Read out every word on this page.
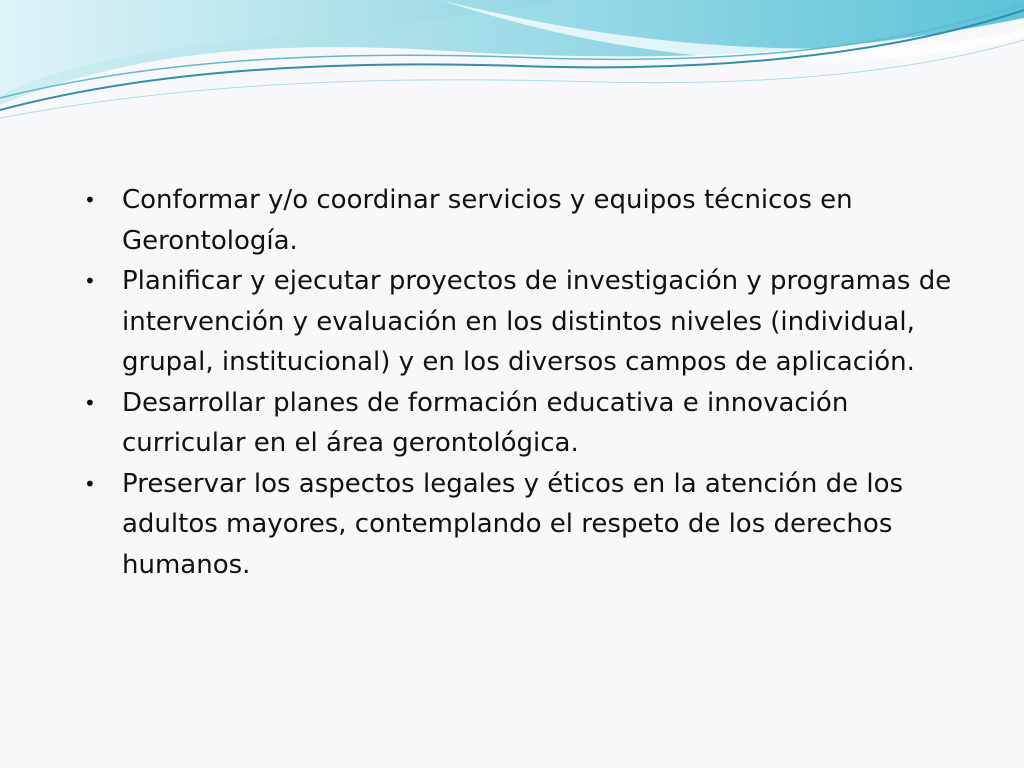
• Conformar y/o coordinar servicios y equipos técnicos en Gerontología.
• Planificar y ejecutar proyectos de investigación y programas de intervención y evaluación en los distintos niveles (individual, grupal, institucional) y en los diversos campos de aplicación.
• Desarrollar planes de formación educativa e innovación curricular en el área gerontológica.
• Preservar los aspectos legales y éticos en la atención de los adultos mayores, contemplando el respeto de los derechos humanos.
